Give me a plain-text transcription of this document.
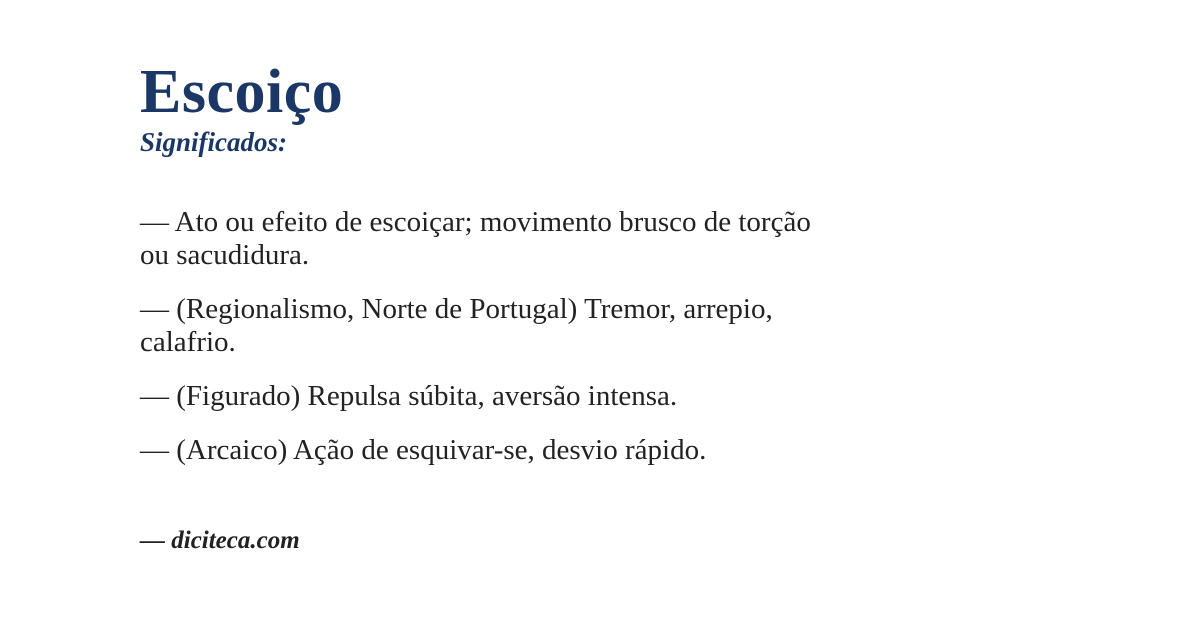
Escoiço
Significados:

— Ato ou efeito de escoiçar; movimento brusco de torção
ou sacudidura.

— (Regionalismo, Norte de Portugal) Tremor, arrepio,
calafrio.

— (Figurado) Repulsa súbita, aversão intensa.

— (Arcaico) Ação de esquivar-se, desvio rápido.

— diciteca.com
